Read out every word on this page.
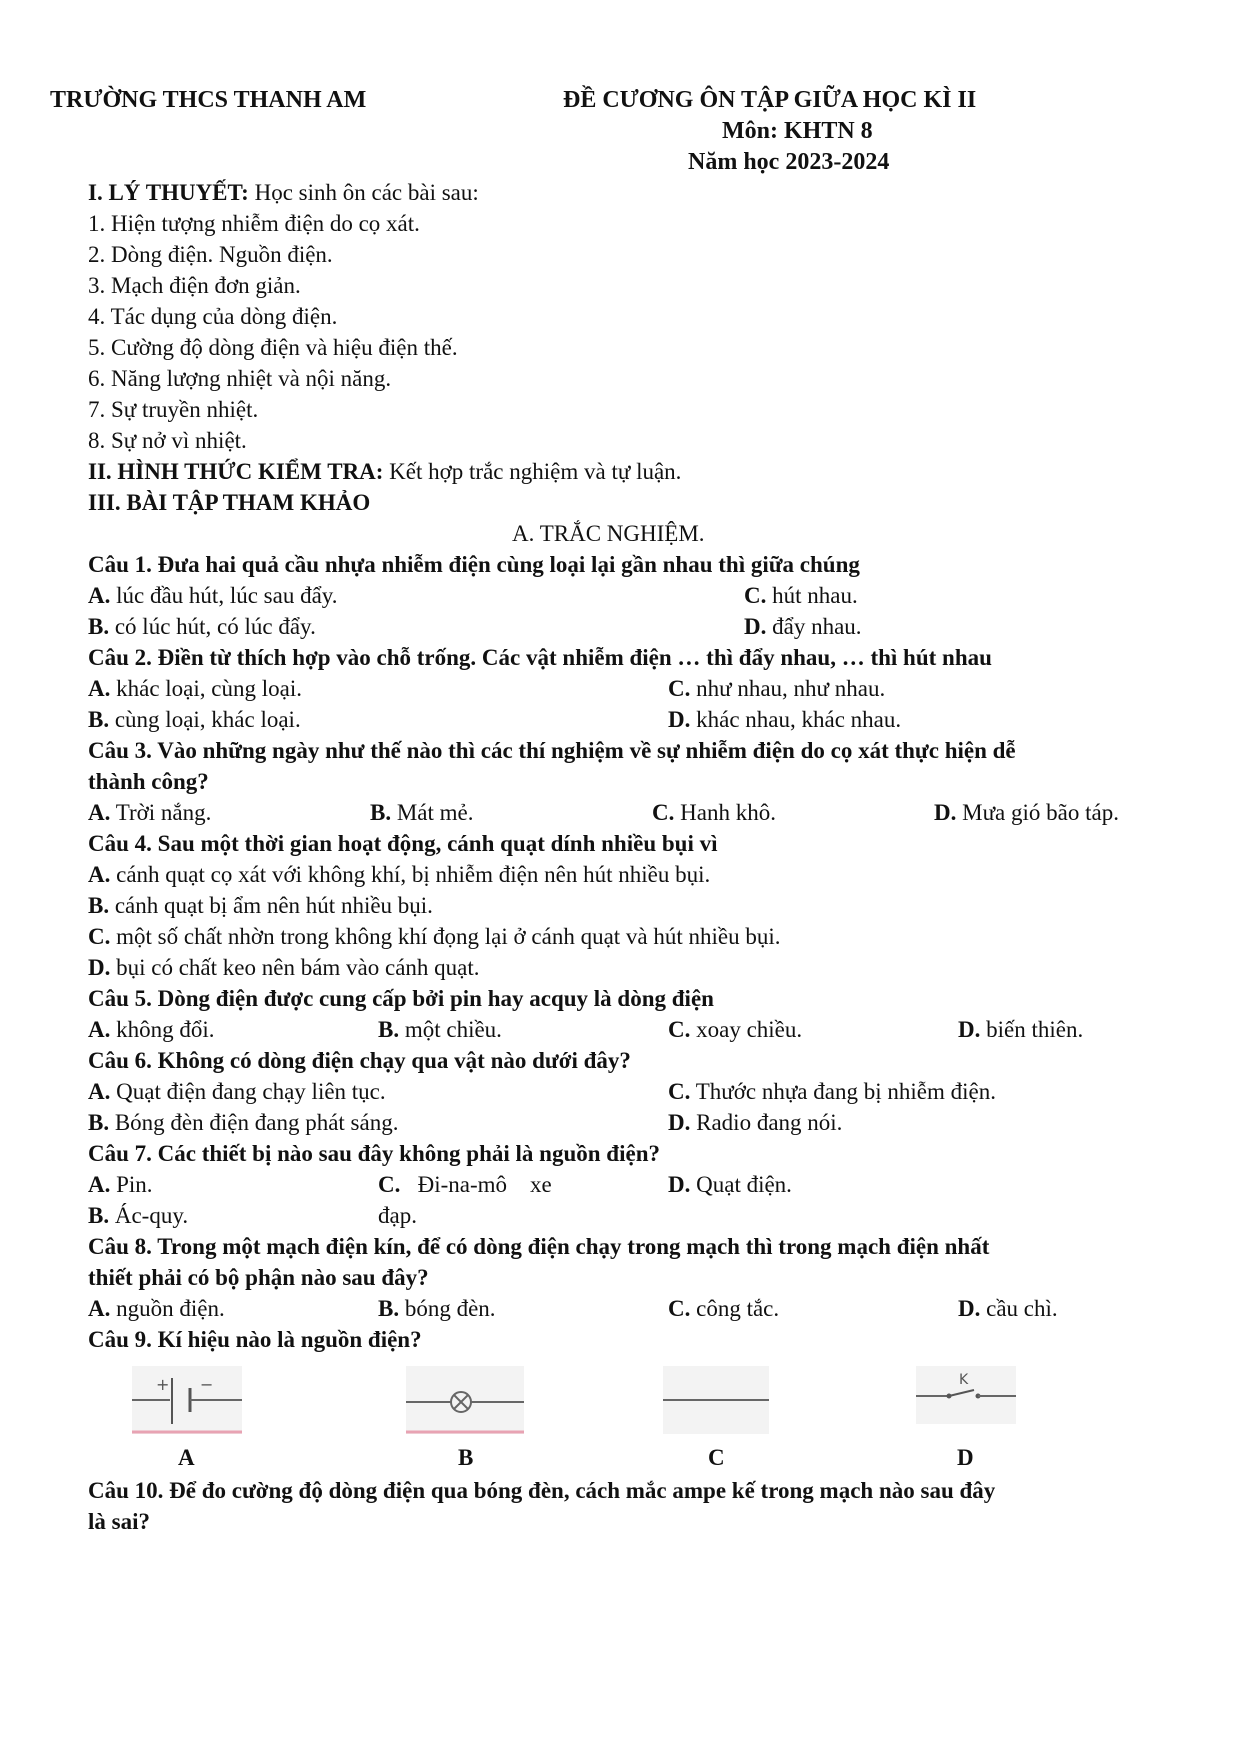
TRƯỜNG THCS THANH AM	ĐỀ CƯƠNG ÔN TẬP GIỮA HỌC KÌ II
Môn: KHTN 8
Năm học 2023-2024
I. LÝ THUYẾT: Học sinh ôn các bài sau:
1. Hiện tượng nhiễm điện do cọ xát.
2. Dòng điện. Nguồn điện.
3. Mạch điện đơn giản.
4. Tác dụng của dòng điện.
5. Cường độ dòng điện và hiệu điện thế.
6. Năng lượng nhiệt và nội năng.
7. Sự truyền nhiệt.
8. Sự nở vì nhiệt.
II. HÌNH THỨC KIỂM TRA: Kết hợp trắc nghiệm và tự luận.
III. BÀI TẬP THAM KHẢO
A. TRẮC NGHIỆM.
Câu 1. Đưa hai quả cầu nhựa nhiễm điện cùng loại lại gần nhau thì giữa chúng
A. lúc đầu hút, lúc sau đẩy.	C. hút nhau.
B. có lúc hút, có lúc đẩy.	D. đẩy nhau.
Câu 2. Điền từ thích hợp vào chỗ trống. Các vật nhiễm điện … thì đẩy nhau, … thì hút nhau
A. khác loại, cùng loại.	C. như nhau, như nhau.
B. cùng loại, khác loại.	D. khác nhau, khác nhau.
Câu 3. Vào những ngày như thế nào thì các thí nghiệm về sự nhiễm điện do cọ xát thực hiện dễ
thành công?
A. Trời nắng.	B. Mát mẻ.	C. Hanh khô.	D. Mưa gió bão táp.
Câu 4. Sau một thời gian hoạt động, cánh quạt dính nhiều bụi vì
A. cánh quạt cọ xát với không khí, bị nhiễm điện nên hút nhiều bụi.
B. cánh quạt bị ẩm nên hút nhiều bụi.
C. một số chất nhờn trong không khí đọng lại ở cánh quạt và hút nhiều bụi.
D. bụi có chất keo nên bám vào cánh quạt.
Câu 5. Dòng điện được cung cấp bởi pin hay acquy là dòng điện
A. không đổi.	B. một chiều.	C. xoay chiều.	D. biến thiên.
Câu 6. Không có dòng điện chạy qua vật nào dưới đây?
A. Quạt điện đang chạy liên tục.	C. Thước nhựa đang bị nhiễm điện.
B. Bóng đèn điện đang phát sáng.	D. Radio đang nói.
Câu 7. Các thiết bị nào sau đây không phải là nguồn điện?
A. Pin.	C.   Đi-na-mô    xe	D. Quạt điện.
B. Ác-quy.	đạp.
Câu 8. Trong một mạch điện kín, để có dòng điện chạy trong mạch thì trong mạch điện nhất
thiết phải có bộ phận nào sau đây?
A. nguồn điện.	B. bóng đèn.	C. công tắc.	D. cầu chì.
Câu 9. Kí hiệu nào là nguồn điện?
+ −	K
A	B	C	D
Câu 10. Để đo cường độ dòng điện qua bóng đèn, cách mắc ampe kế trong mạch nào sau đây
là sai?
